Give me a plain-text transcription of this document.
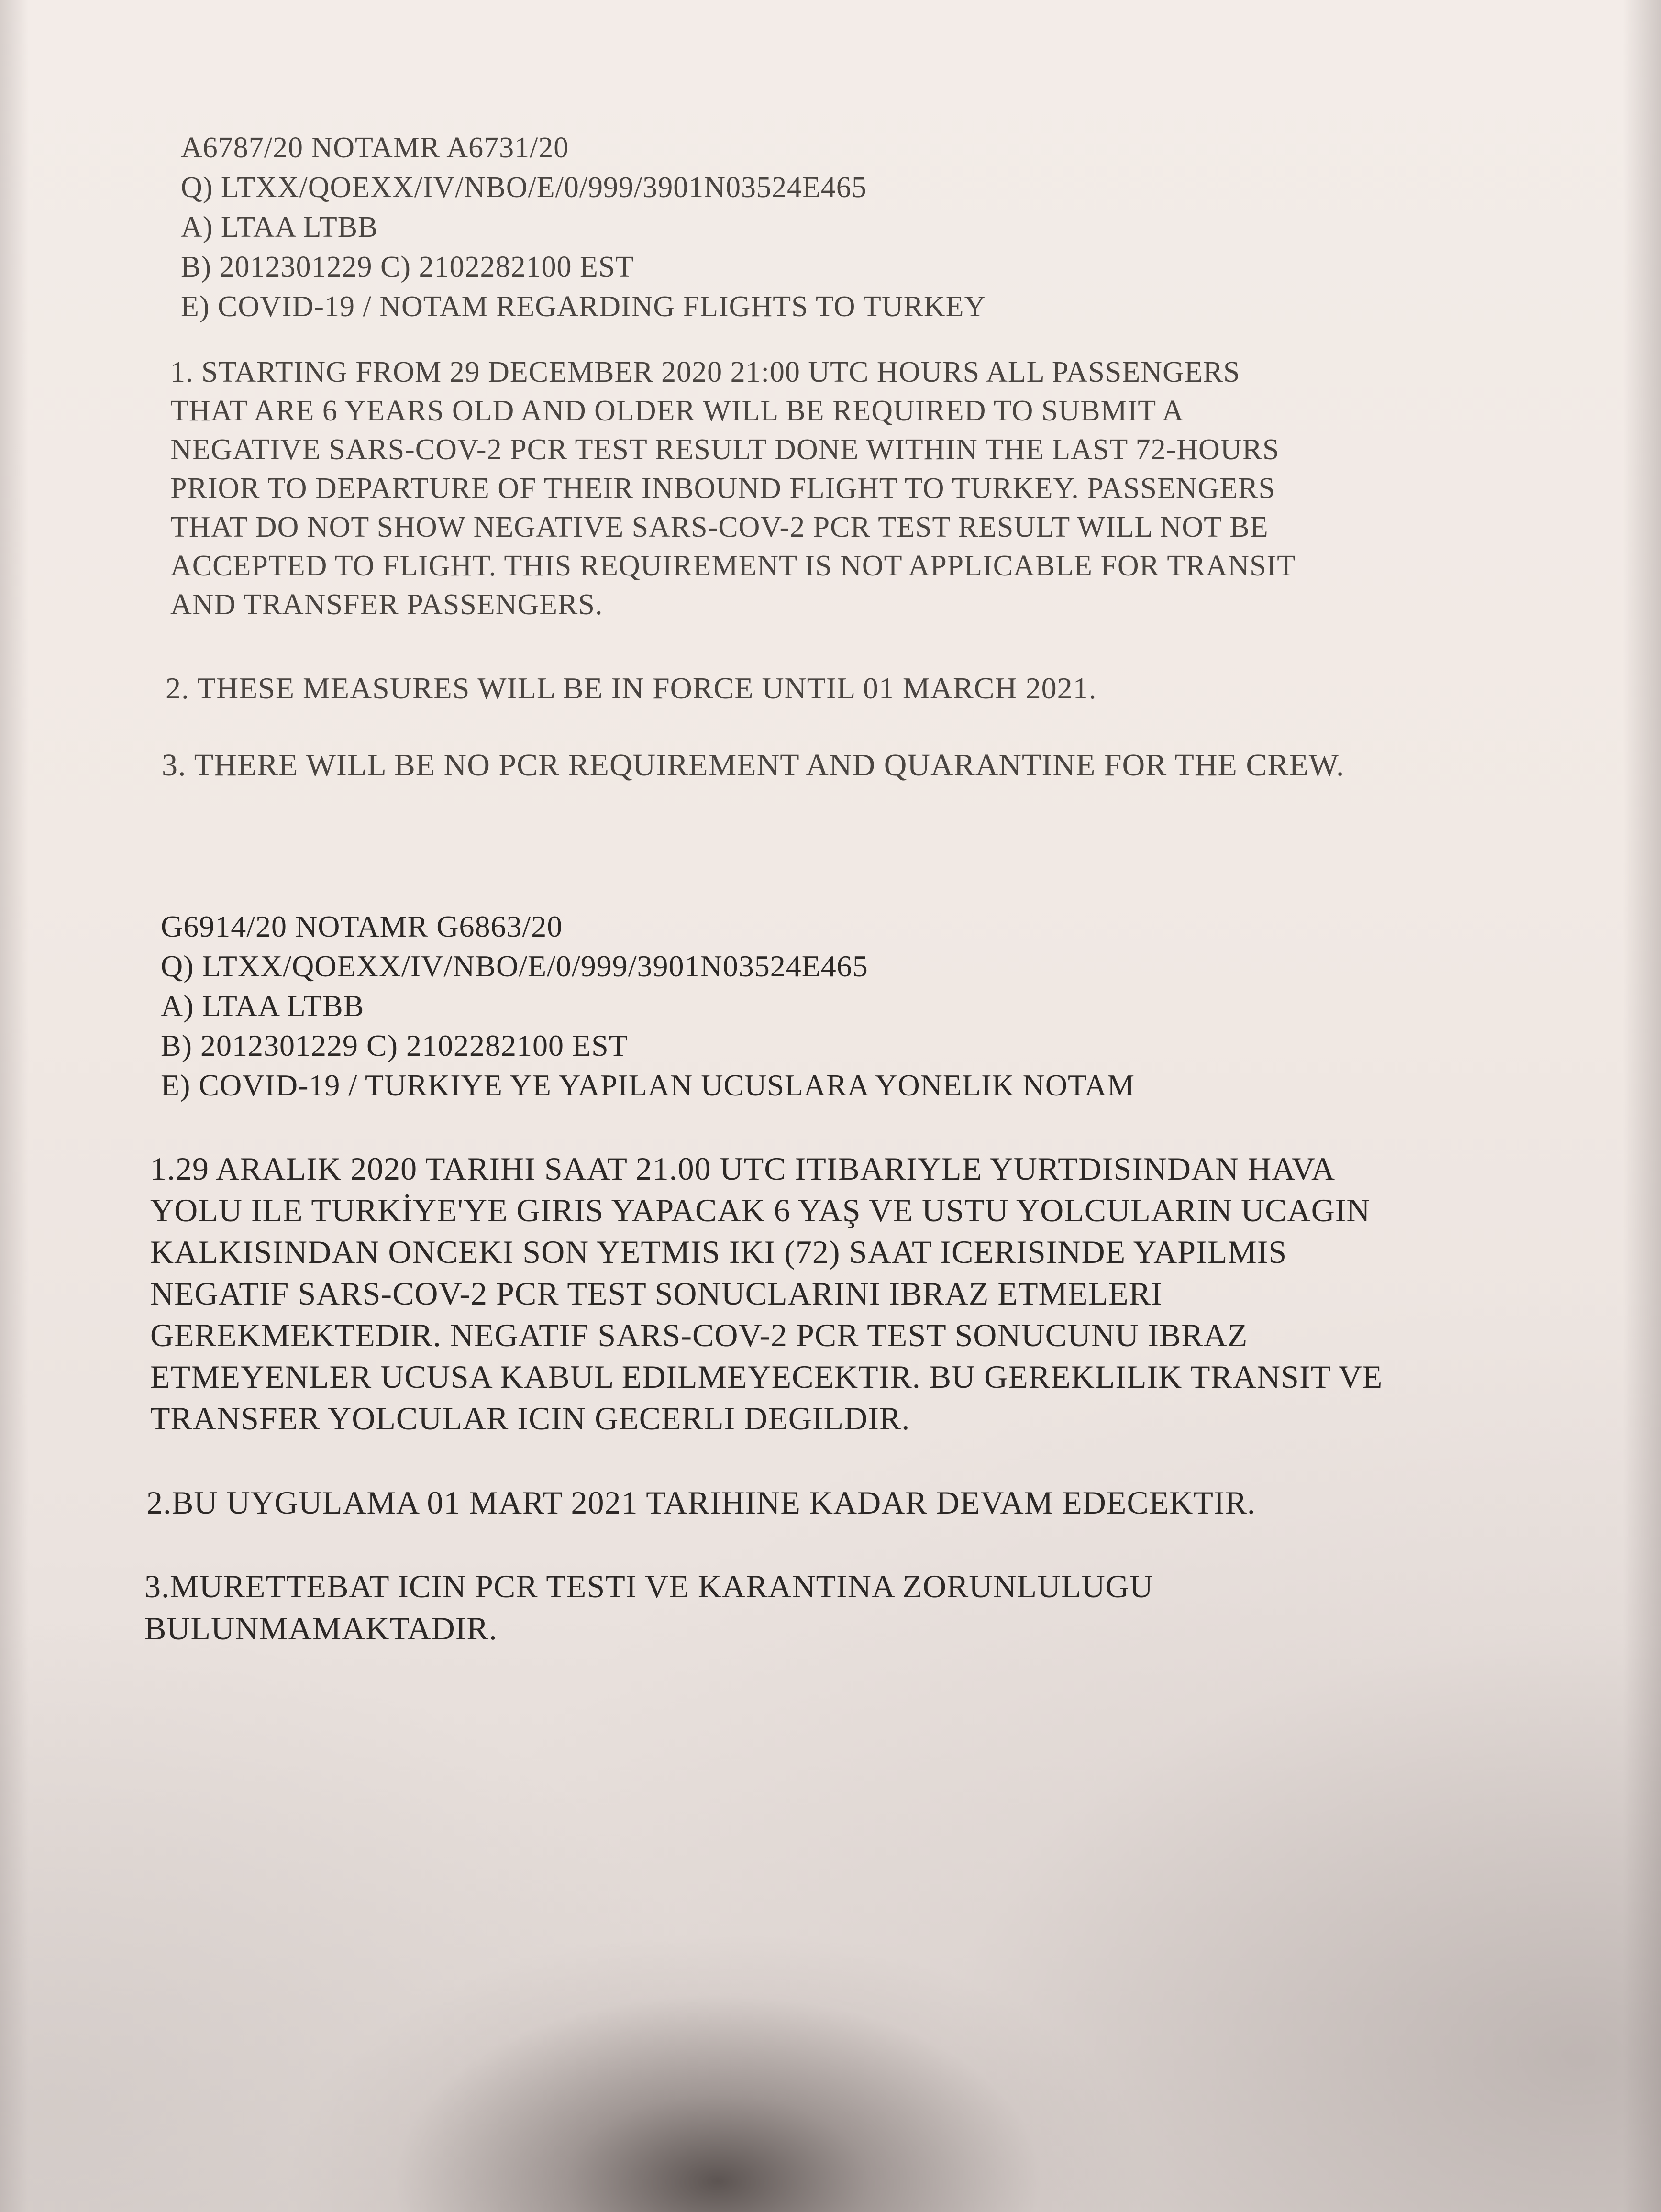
A6787/20 NOTAMR A6731/20

Q) LTXX/QOEXX/IV/NBO/E/0/999/3901N03524E465

A) LTAA LTBB

B) 2012301229 C) 2102282100 EST

E) COVID-19 / NOTAM REGARDING FLIGHTS TO TURKEY

1. STARTING FROM 29 DECEMBER 2020 21:00 UTC HOURS ALL PASSENGERS

THAT ARE 6 YEARS OLD AND OLDER WILL BE REQUIRED TO SUBMIT A

NEGATIVE SARS-COV-2 PCR TEST RESULT DONE WITHIN THE LAST 72-HOURS

PRIOR TO DEPARTURE OF THEIR INBOUND FLIGHT TO TURKEY. PASSENGERS

THAT DO NOT SHOW NEGATIVE SARS-COV-2 PCR TEST RESULT WILL NOT BE

ACCEPTED TO FLIGHT. THIS REQUIREMENT IS NOT APPLICABLE FOR TRANSIT

AND TRANSFER PASSENGERS.

2. THESE MEASURES WILL BE IN FORCE UNTIL 01 MARCH 2021.

3. THERE WILL BE NO PCR REQUIREMENT AND QUARANTINE FOR THE CREW.

G6914/20 NOTAMR G6863/20

Q) LTXX/QOEXX/IV/NBO/E/0/999/3901N03524E465

A) LTAA LTBB

B) 2012301229 C) 2102282100 EST

E) COVID-19 / TURKIYE YE YAPILAN UCUSLARA YONELIK NOTAM

1.29 ARALIK 2020 TARIHI SAAT 21.00 UTC ITIBARIYLE YURTDISINDAN HAVA

YOLU ILE TURKİYE'YE GIRIS YAPACAK 6 YAŞ VE USTU YOLCULARIN UCAGIN

KALKISINDAN ONCEKI SON YETMIS IKI (72) SAAT ICERISINDE YAPILMIS

NEGATIF SARS-COV-2 PCR TEST SONUCLARINI IBRAZ ETMELERI

GEREKMEKTEDIR. NEGATIF SARS-COV-2 PCR TEST SONUCUNU IBRAZ

ETMEYENLER UCUSA KABUL EDILMEYECEKTIR. BU GEREKLILIK TRANSIT VE

TRANSFER YOLCULAR ICIN GECERLI DEGILDIR.

2.BU UYGULAMA 01 MART 2021 TARIHINE KADAR DEVAM EDECEKTIR.

3.MURETTEBAT ICIN PCR TESTI VE KARANTINA ZORUNLULUGU

BULUNMAMAKTADIR.
